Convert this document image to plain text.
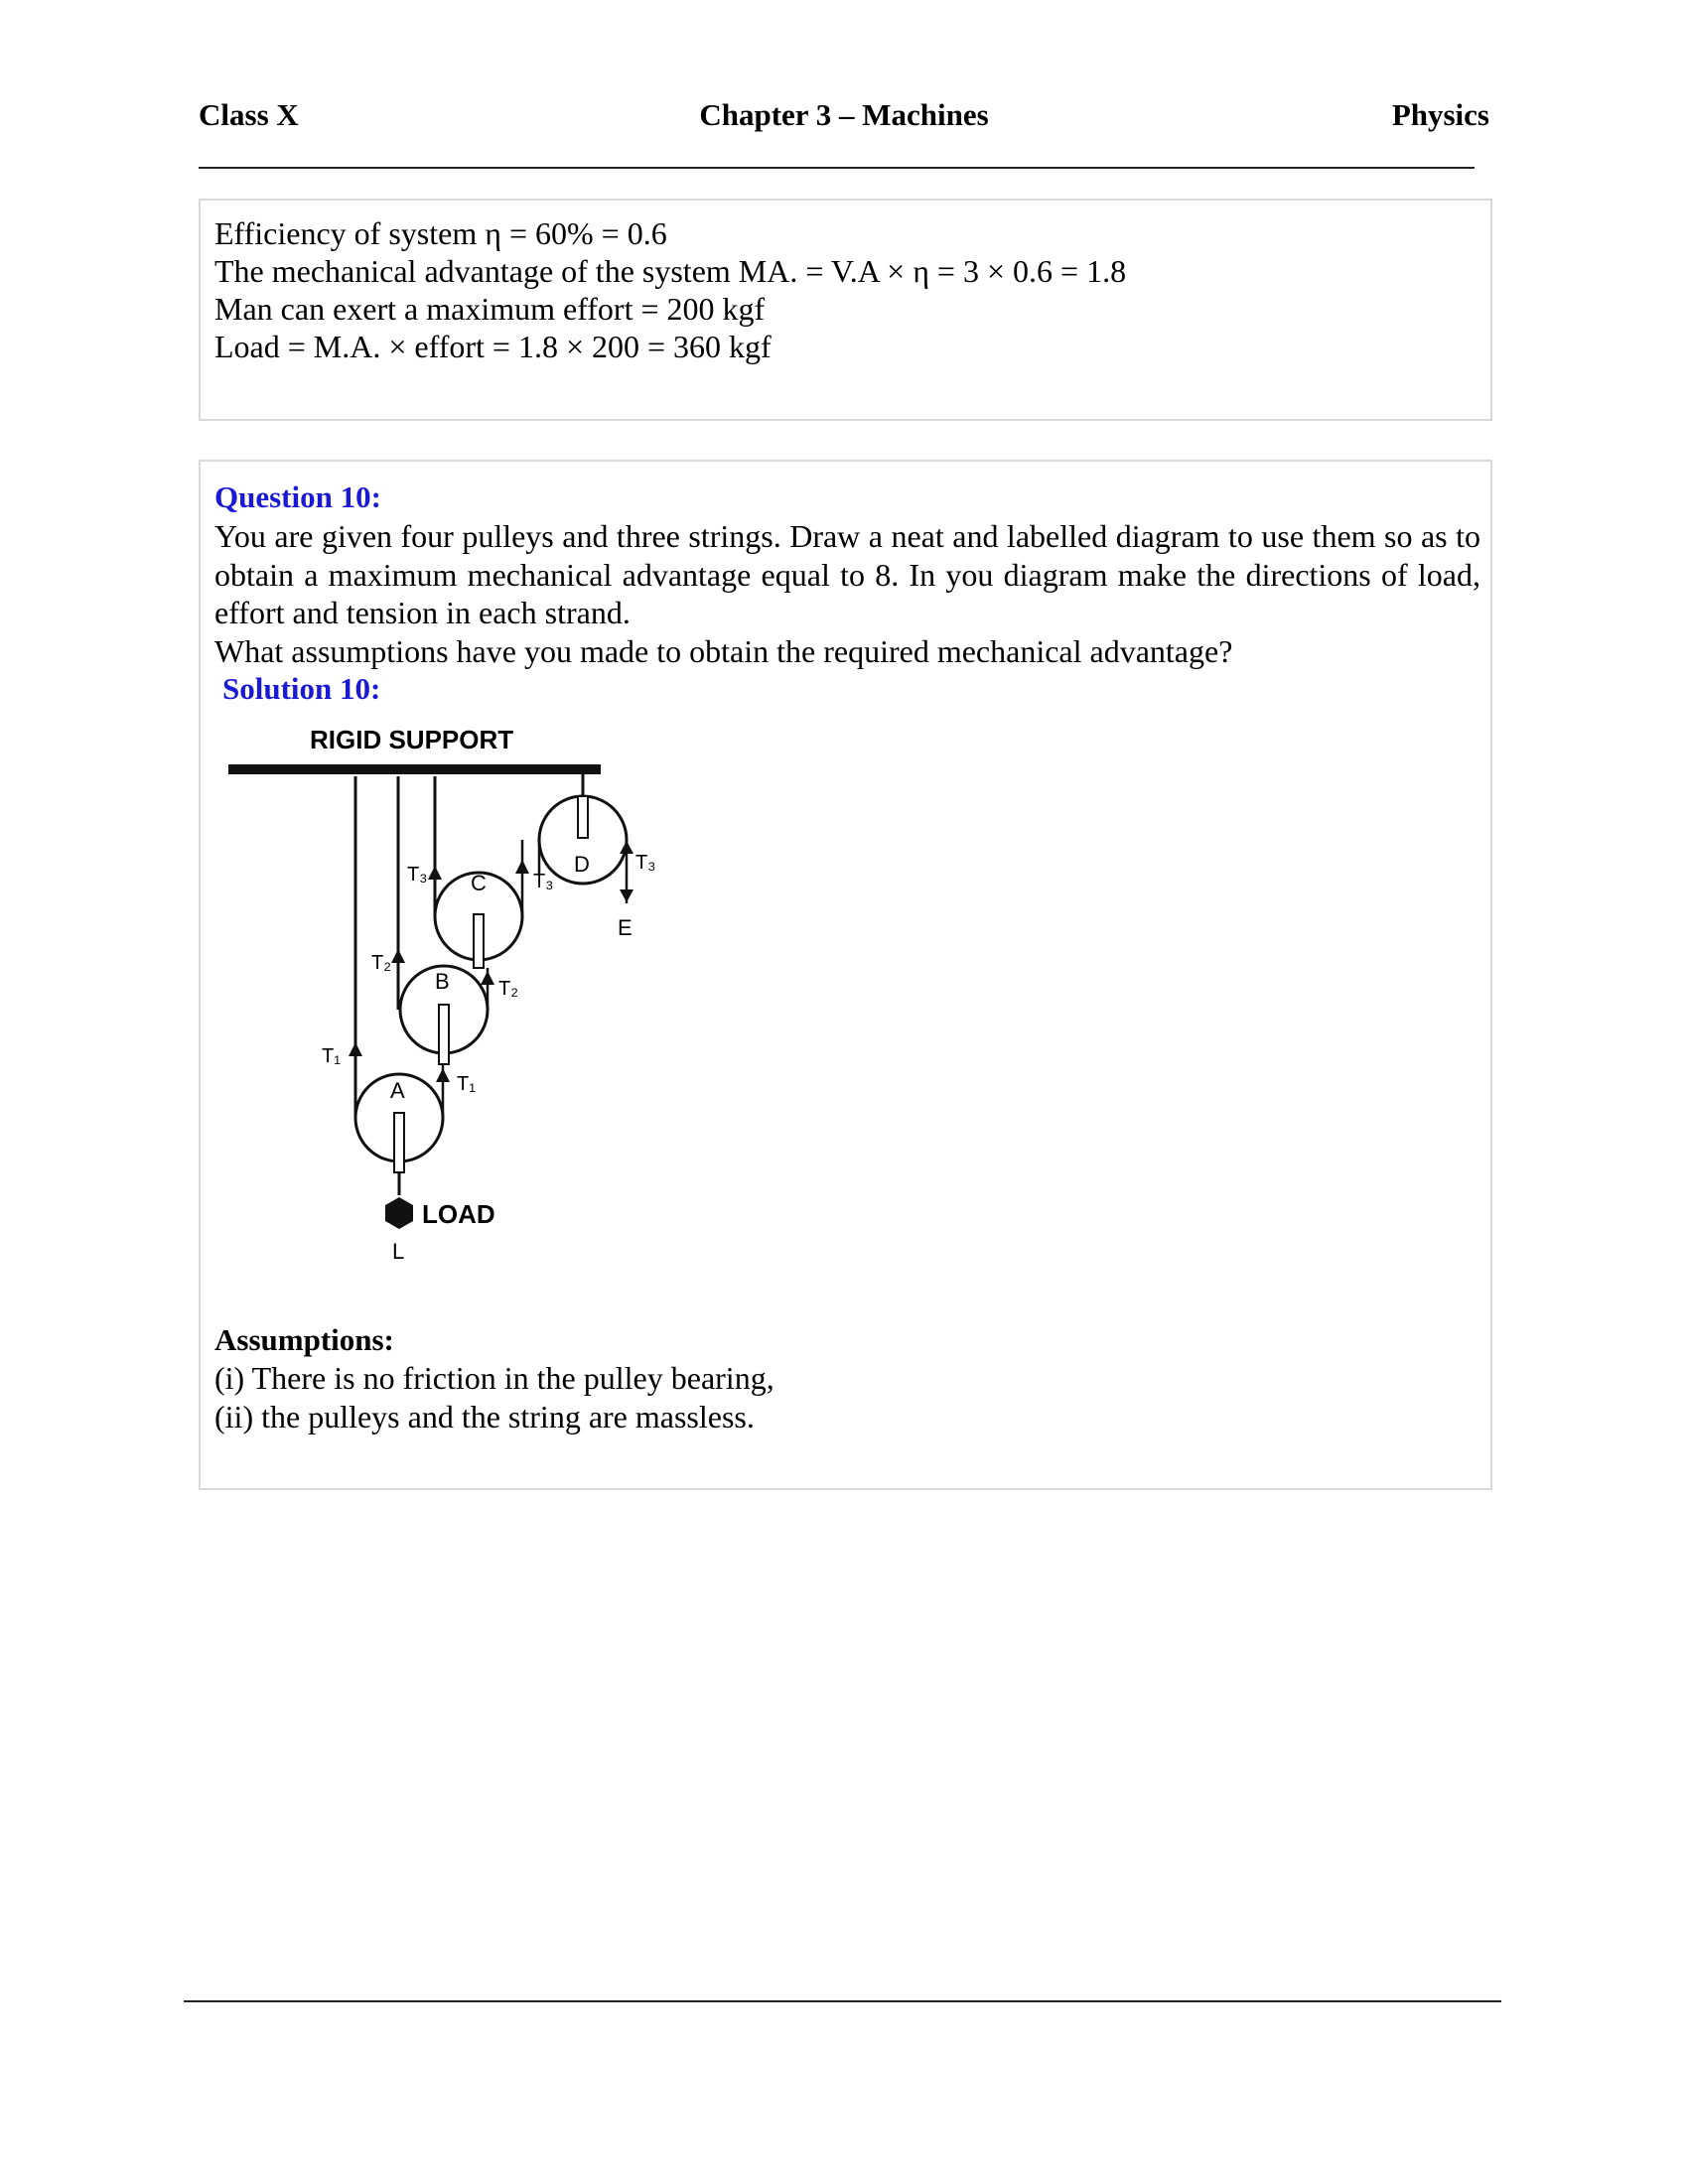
Class X	Chapter 3 – Machines	Physics
Efficiency of system η = 60% = 0.6
The mechanical advantage of the system MA. = V.A × η = 3 × 0.6 = 1.8
Man can exert a maximum effort = 200 kgf
Load = M.A. × effort = 1.8 × 200 = 360 kgf
Question 10:
You are given four pulleys and three strings. Draw a neat and labelled diagram to use them so as to obtain a maximum mechanical advantage equal to 8. In you diagram make the directions of load, effort and tension in each strand.
What assumptions have you made to obtain the required mechanical advantage?
Solution 10:
RIGID SUPPORT
D
C
B
A
E
T₃
T₃	T₃
T₂
T₂
T₁
T₁
LOAD
L
Assumptions:
(i) There is no friction in the pulley bearing,
(ii) the pulleys and the string are massless.
